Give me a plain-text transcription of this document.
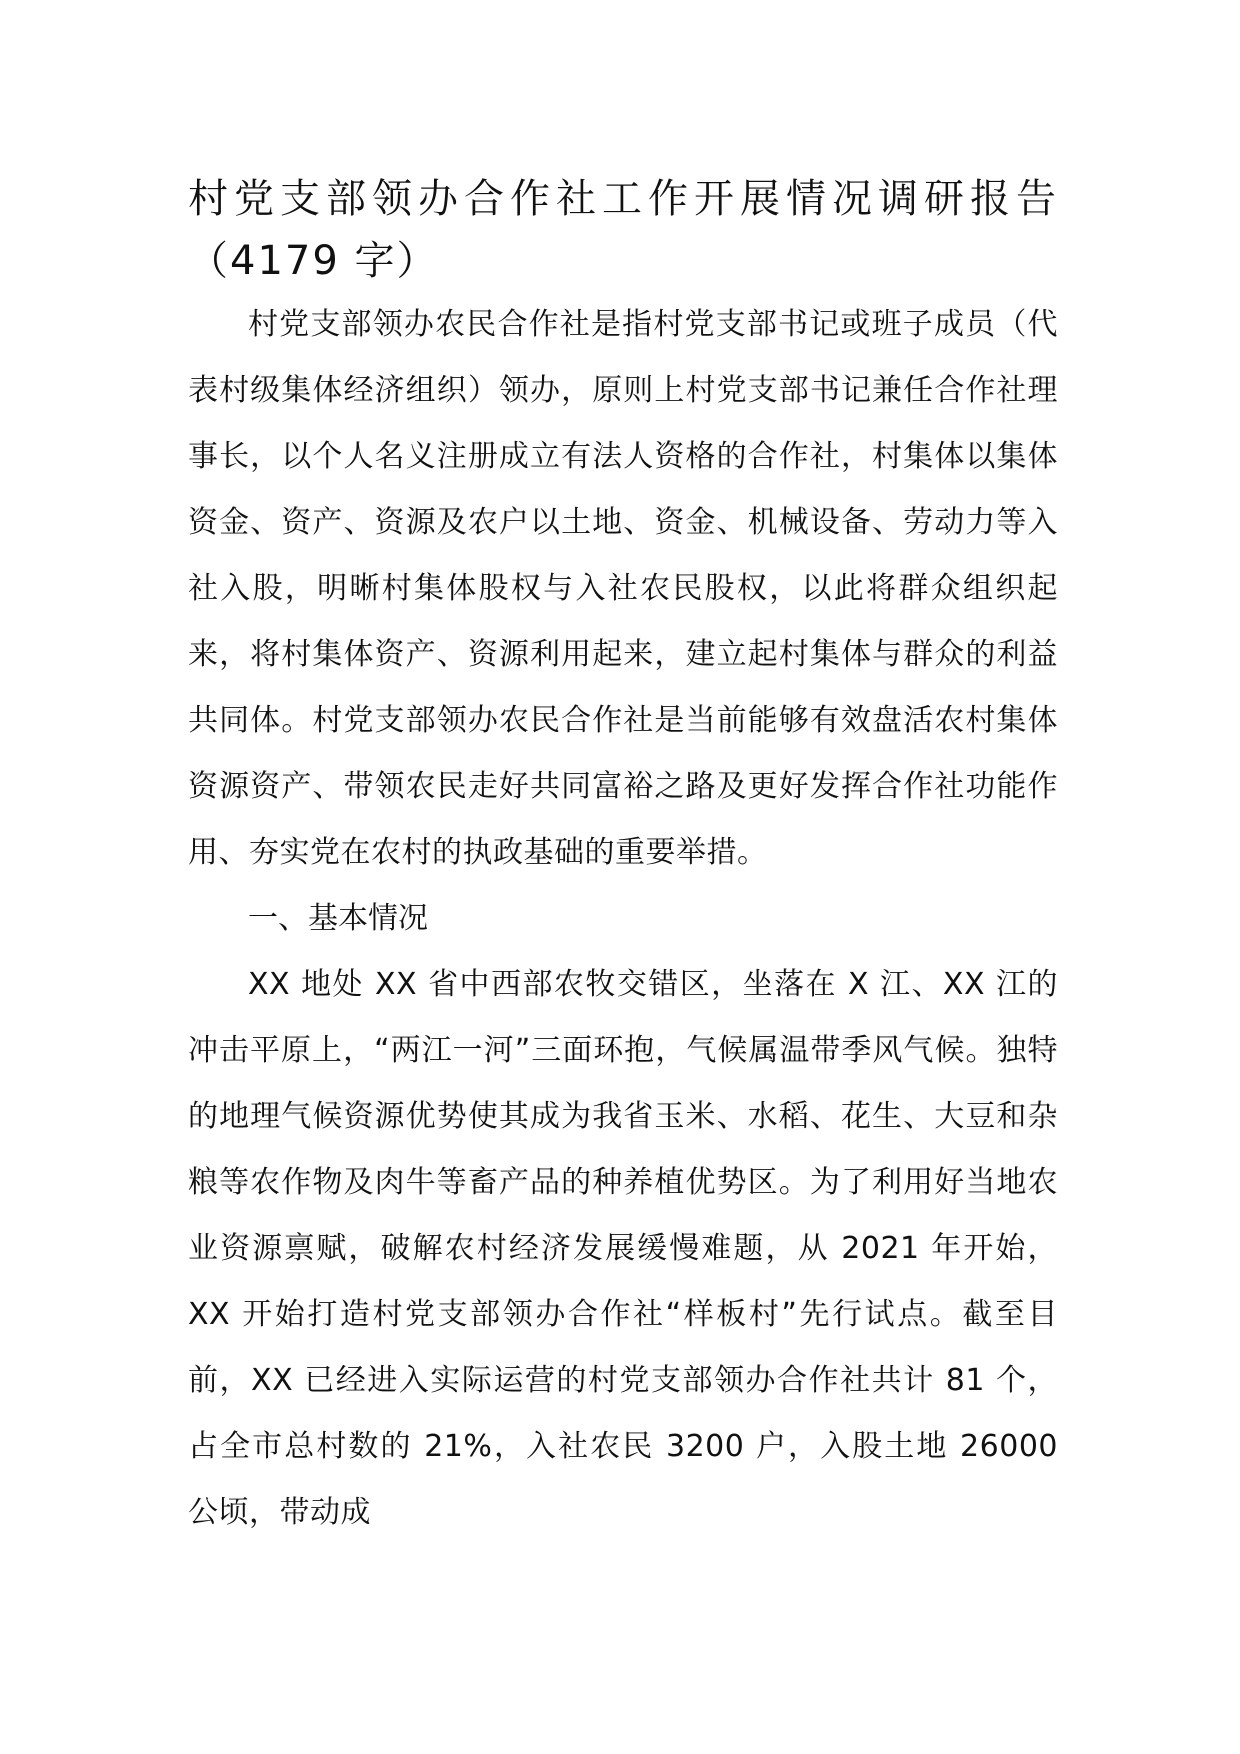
村党支部领办合作社工作开展情况调研报告（4179 字）

村党支部领办农民合作社是指村党支部书记或班子成员（代表村级集体经济组织）领办，原则上村党支部书记兼任合作社理事长，以个人名义注册成立有法人资格的合作社，村集体以集体资金、资产、资源及农户以土地、资金、机械设备、劳动力等入社入股，明晰村集体股权与入社农民股权，以此将群众组织起来，将村集体资产、资源利用起来，建立起村集体与群众的利益共同体。村党支部领办农民合作社是当前能够有效盘活农村集体资源资产、带领农民走好共同富裕之路及更好发挥合作社功能作用、夯实党在农村的执政基础的重要举措。

一、基本情况

XX 地处 XX 省中西部农牧交错区，坐落在 X 江、XX 江的冲击平原上，“两江一河”三面环抱，气候属温带季风气候。独特的地理气候资源优势使其成为我省玉米、水稻、花生、大豆和杂粮等农作物及肉牛等畜产品的种养植优势区。为了利用好当地农业资源禀赋，破解农村经济发展缓慢难题，从 2021 年开始，XX 开始打造村党支部领办合作社“样板村”先行试点。截至目前，XX 已经进入实际运营的村党支部领办合作社共计 81 个，占全市总村数的 21%，入社农民 3200 户，入股土地 26000 公顷，带动成
